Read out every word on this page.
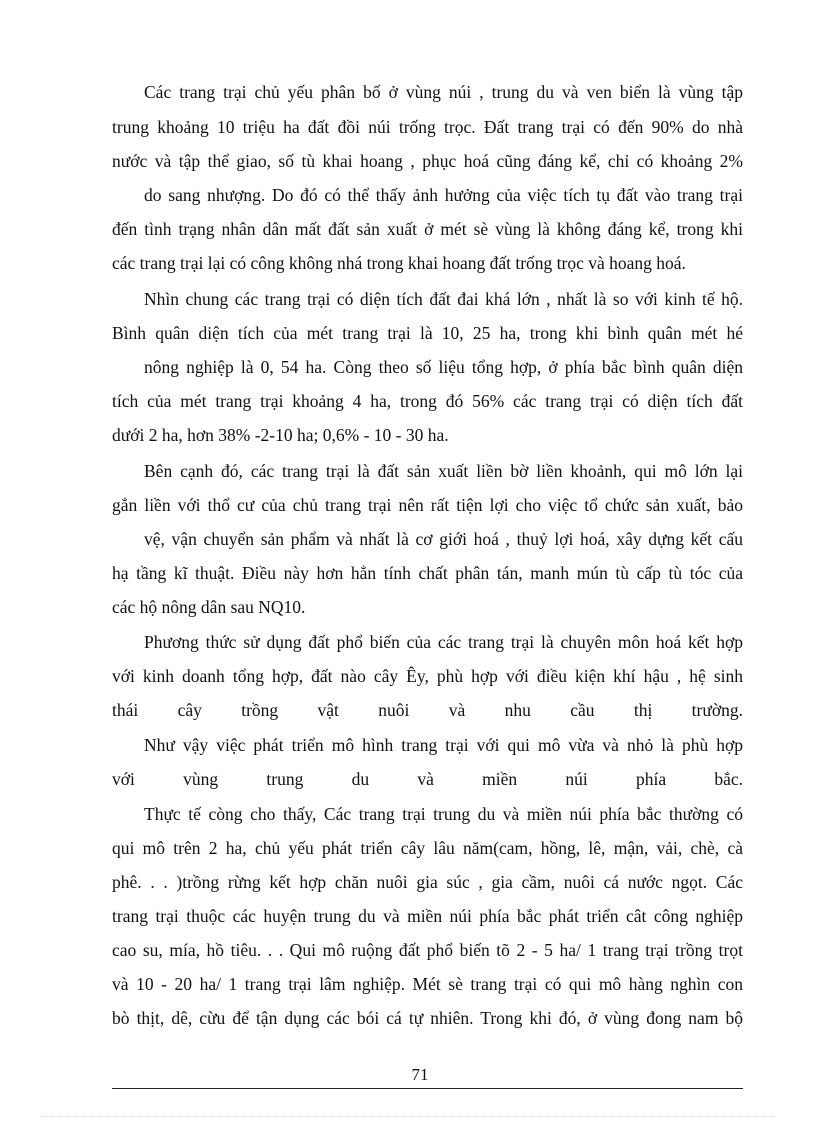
Các trang trại chủ yếu phân bố ở vùng núi , trung du và ven biển là vùng tập
trung khoảng 10 triệu ha đất đồi núi trống trọc. Đất trang trại có đến 90% do nhà
nước và tập thể giao, số tù khai hoang , phục hoá cũng đáng kể, chỉ có khoảng 2%
do sang nhượng. Do đó có thể thấy ảnh hưởng của việc tích tụ đất vào trang trại
đến tình trạng nhân dân mất đất sản xuất ở mét sè vùng là không đáng kể, trong khi
các trang trại lại có công không nhá trong khai hoang đất trống trọc và hoang hoá.
Nhìn chung các trang trại có diện tích đất đai khá lớn , nhất là so với kinh tế hộ.
Bình quân diện tích của mét trang trại là 10, 25 ha, trong khi bình quân mét hé
nông nghiệp là 0, 54 ha. Còng theo số liệu tổng hợp, ở phía bắc bình quân diện
tích của mét trang trại khoảng 4 ha, trong đó 56% các trang trại có diện tích đất
dưới 2 ha, hơn 38% -2-10 ha; 0,6% - 10 - 30 ha.
Bên cạnh đó, các trang trại là đất sản xuất liền bờ liền khoảnh, qui mô lớn lại
gắn liền với thổ cư của chủ trang trại nên rất tiện lợi cho việc tổ chức sản xuất, bảo
vệ, vận chuyển sản phẩm và nhất là cơ giới hoá , thuỷ lợi hoá, xây dựng kết cấu
hạ tầng kĩ thuật. Điều này hơn hẳn tính chất phân tán, manh mún tù cấp tù tóc của
các hộ nông dân sau NQ10.
Phương thức sử dụng đất phổ biến của các trang trại là chuyên môn hoá kết hợp
với kinh doanh tổng hợp, đất nào cây Êy, phù hợp với điều kiện khí hậu , hệ sinh
thái cây trồng vật nuôi và nhu cầu thị trường.
Như vậy việc phát triển mô hình trang trại với qui mô vừa và nhỏ là phù hợp
với vùng trung du và miền núi phía bắc.
Thực tế còng cho thấy, Các trang trại trung du và miền núi phía bắc thường có
qui mô trên 2 ha, chủ yếu phát triển cây lâu năm(cam, hồng, lê, mận, vải, chè, cà
phê. . . )trồng rừng kết hợp chăn nuôi gia súc , gia cầm, nuôi cá nước ngọt. Các
trang trại thuộc các huyện trung du và miền núi phía bắc phát triển cât công nghiệp
cao su, mía, hồ tiêu. . . Qui mô ruộng đất phổ biến tõ 2 - 5 ha/ 1 trang trại trồng trọt
và 10 - 20 ha/ 1 trang trại lâm nghiệp. Mét sè trang trại có qui mô hàng nghìn con
bò thịt, dê, cừu để tận dụng các bói cá tự nhiên. Trong khi đó, ở vùng đong nam bộ
71
